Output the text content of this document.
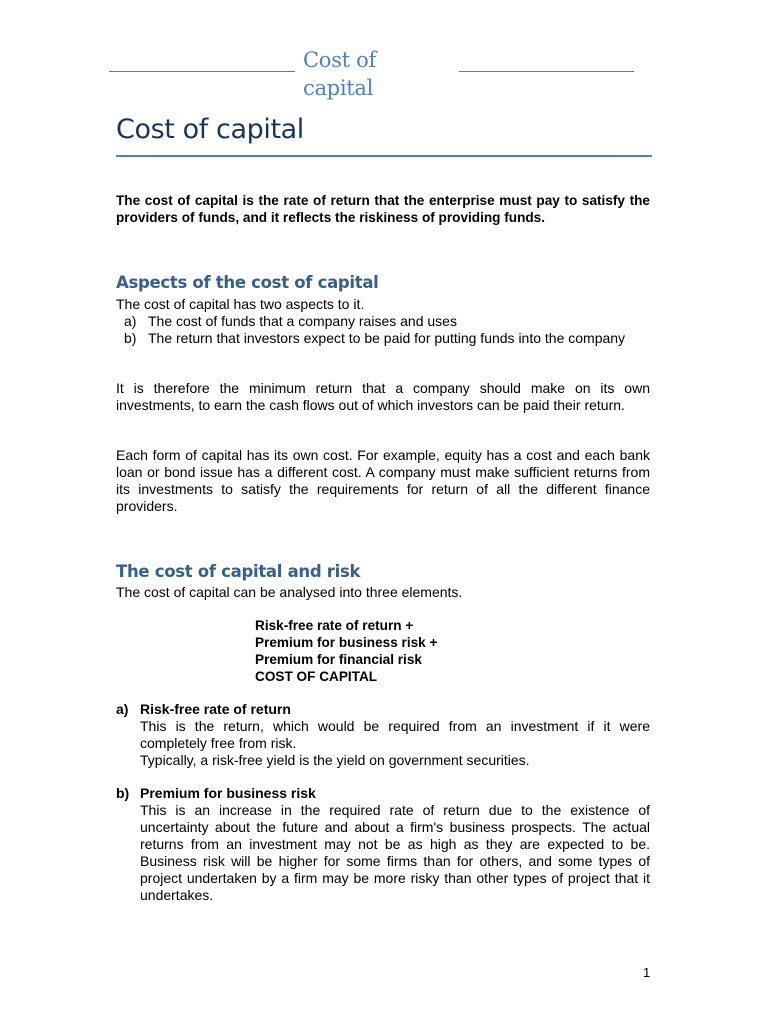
Cost of capital
Cost of capital
The cost of capital is the rate of return that the enterprise must pay to satisfy the providers of funds, and it reflects the riskiness of providing funds.
Aspects of the cost of capital
The cost of capital has two aspects to it.
a) The cost of funds that a company raises and uses
b) The return that investors expect to be paid for putting funds into the company
It is therefore the minimum return that a company should make on its own investments, to earn the cash flows out of which investors can be paid their return.
Each form of capital has its own cost. For example, equity has a cost and each bank loan or bond issue has a different cost. A company must make sufficient returns from its investments to satisfy the requirements for return of all the different finance providers.
The cost of capital and risk
The cost of capital can be analysed into three elements.
Risk-free rate of return +
Premium for business risk +
Premium for financial risk
COST OF CAPITAL
a) Risk-free rate of return
This is the return, which would be required from an investment if it were completely free from risk.
Typically, a risk-free yield is the yield on government securities.
b) Premium for business risk
This is an increase in the required rate of return due to the existence of uncertainty about the future and about a firm's business prospects. The actual returns from an investment may not be as high as they are expected to be. Business risk will be higher for some firms than for others, and some types of project undertaken by a firm may be more risky than other types of project that it undertakes.
1
